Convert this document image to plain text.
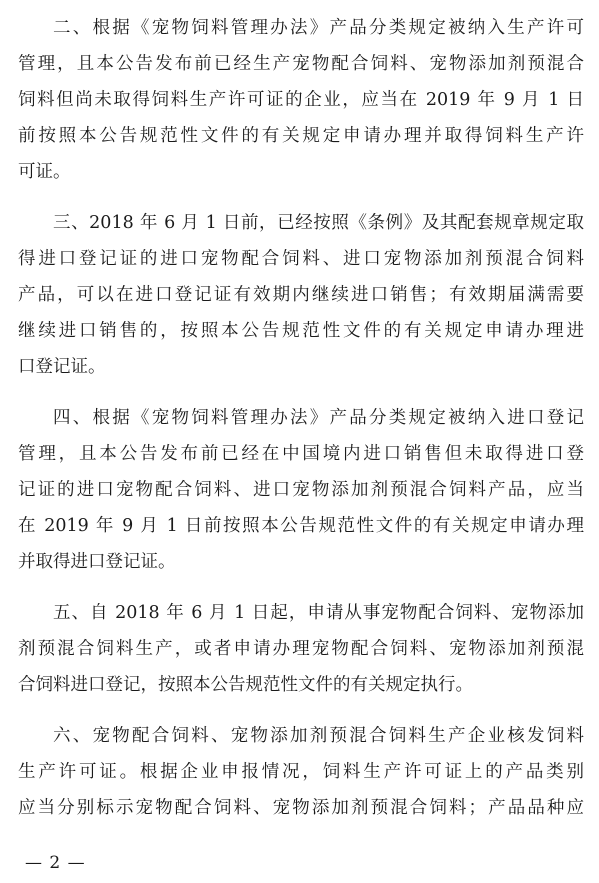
二、根据《宠物饲料管理办法》产品分类规定被纳入生产许可
管理，且本公告发布前已经生产宠物配合饲料、宠物添加剂预混合
饲料但尚未取得饲料生产许可证的企业，应当在 2019 年 9 月 1 日
前按照本公告规范性文件的有关规定申请办理并取得饲料生产许
可证。
三、2018 年 6 月 1 日前，已经按照《条例》及其配套规章规定取
得进口登记证的进口宠物配合饲料、进口宠物添加剂预混合饲料
产品，可以在进口登记证有效期内继续进口销售；有效期届满需要
继续进口销售的，按照本公告规范性文件的有关规定申请办理进
口登记证。
四、根据《宠物饲料管理办法》产品分类规定被纳入进口登记
管理，且本公告发布前已经在中国境内进口销售但未取得进口登
记证的进口宠物配合饲料、进口宠物添加剂预混合饲料产品，应当
在 2019 年 9 月 1 日前按照本公告规范性文件的有关规定申请办理
并取得进口登记证。
五、自 2018 年 6 月 1 日起，申请从事宠物配合饲料、宠物添加
剂预混合饲料生产，或者申请办理宠物配合饲料、宠物添加剂预混
合饲料进口登记，按照本公告规范性文件的有关规定执行。
六、宠物配合饲料、宠物添加剂预混合饲料生产企业核发饲料
生产许可证。根据企业申报情况，饲料生产许可证上的产品类别
应当分别标示宠物配合饲料、宠物添加剂预混合饲料；产品品种应
— 2 —
